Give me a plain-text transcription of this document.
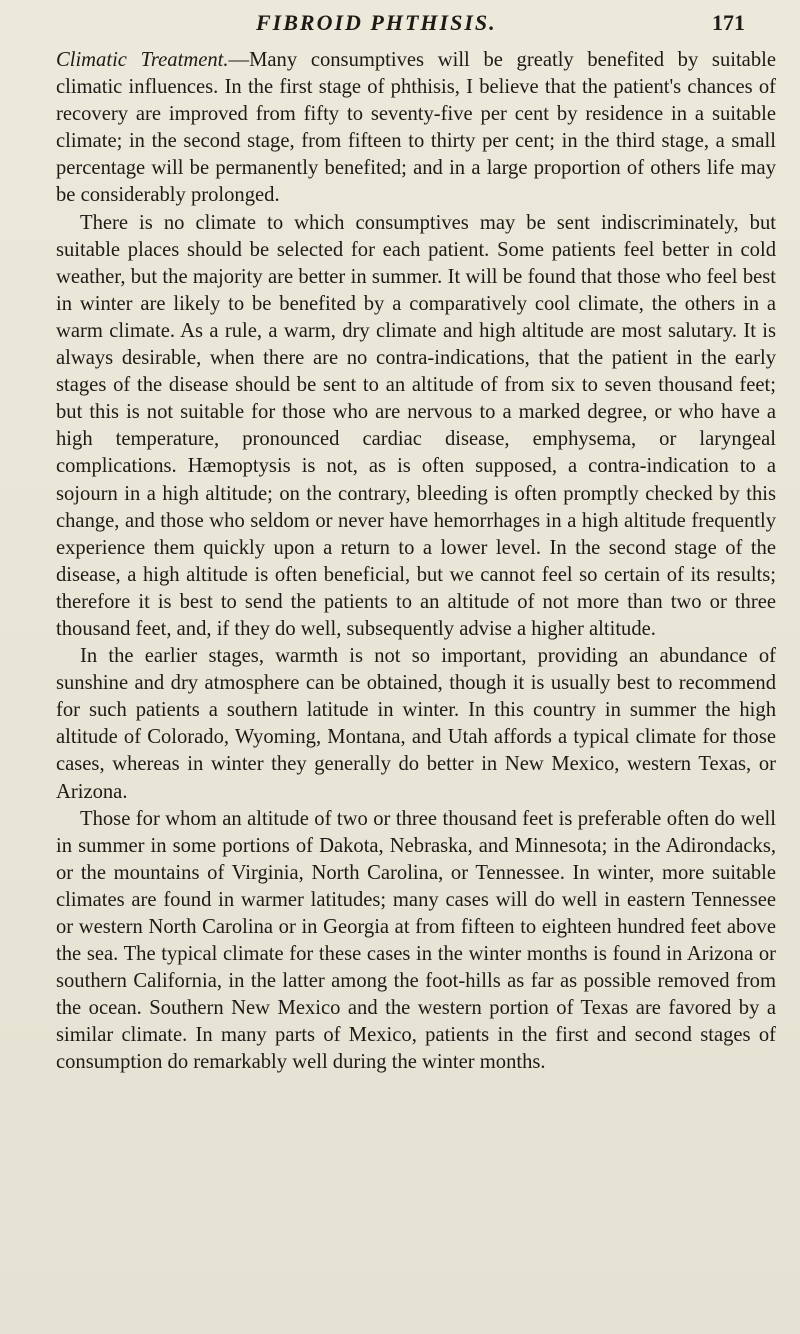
FIBROID PHTHISIS.	171

Climatic Treatment.—Many consumptives will be greatly benefited by suitable climatic influences. In the first stage of phthisis, I believe that the patient's chances of recovery are improved from fifty to seventy-five per cent by residence in a suitable climate; in the second stage, from fifteen to thirty per cent; in the third stage, a small percentage will be permanently benefited; and in a large proportion of others life may be considerably prolonged.

There is no climate to which consumptives may be sent indiscriminately, but suitable places should be selected for each patient. Some patients feel better in cold weather, but the majority are better in summer. It will be found that those who feel best in winter are likely to be benefited by a comparatively cool climate, the others in a warm climate. As a rule, a warm, dry climate and high altitude are most salutary. It is always desirable, when there are no contra-indications, that the patient in the early stages of the disease should be sent to an altitude of from six to seven thousand feet; but this is not suitable for those who are nervous to a marked degree, or who have a high temperature, pronounced cardiac disease, emphysema, or laryngeal complications. Hæmoptysis is not, as is often supposed, a contra-indication to a sojourn in a high altitude; on the contrary, bleeding is often promptly checked by this change, and those who seldom or never have hemorrhages in a high altitude frequently experience them quickly upon a return to a lower level. In the second stage of the disease, a high altitude is often beneficial, but we cannot feel so certain of its results; therefore it is best to send the patients to an altitude of not more than two or three thousand feet, and, if they do well, subsequently advise a higher altitude.

In the earlier stages, warmth is not so important, providing an abundance of sunshine and dry atmosphere can be obtained, though it is usually best to recommend for such patients a southern latitude in winter. In this country in summer the high altitude of Colorado, Wyoming, Montana, and Utah affords a typical climate for those cases, whereas in winter they generally do better in New Mexico, western Texas, or Arizona.

Those for whom an altitude of two or three thousand feet is preferable often do well in summer in some portions of Dakota, Nebraska, and Minnesota; in the Adirondacks, or the mountains of Virginia, North Carolina, or Tennessee. In winter, more suitable climates are found in warmer latitudes; many cases will do well in eastern Tennessee or western North Carolina or in Georgia at from fifteen to eighteen hundred feet above the sea. The typical climate for these cases in the winter months is found in Arizona or southern California, in the latter among the foot-hills as far as possible removed from the ocean. Southern New Mexico and the western portion of Texas are favored by a similar climate. In many parts of Mexico, patients in the first and second stages of consumption do remarkably well during the winter months.
